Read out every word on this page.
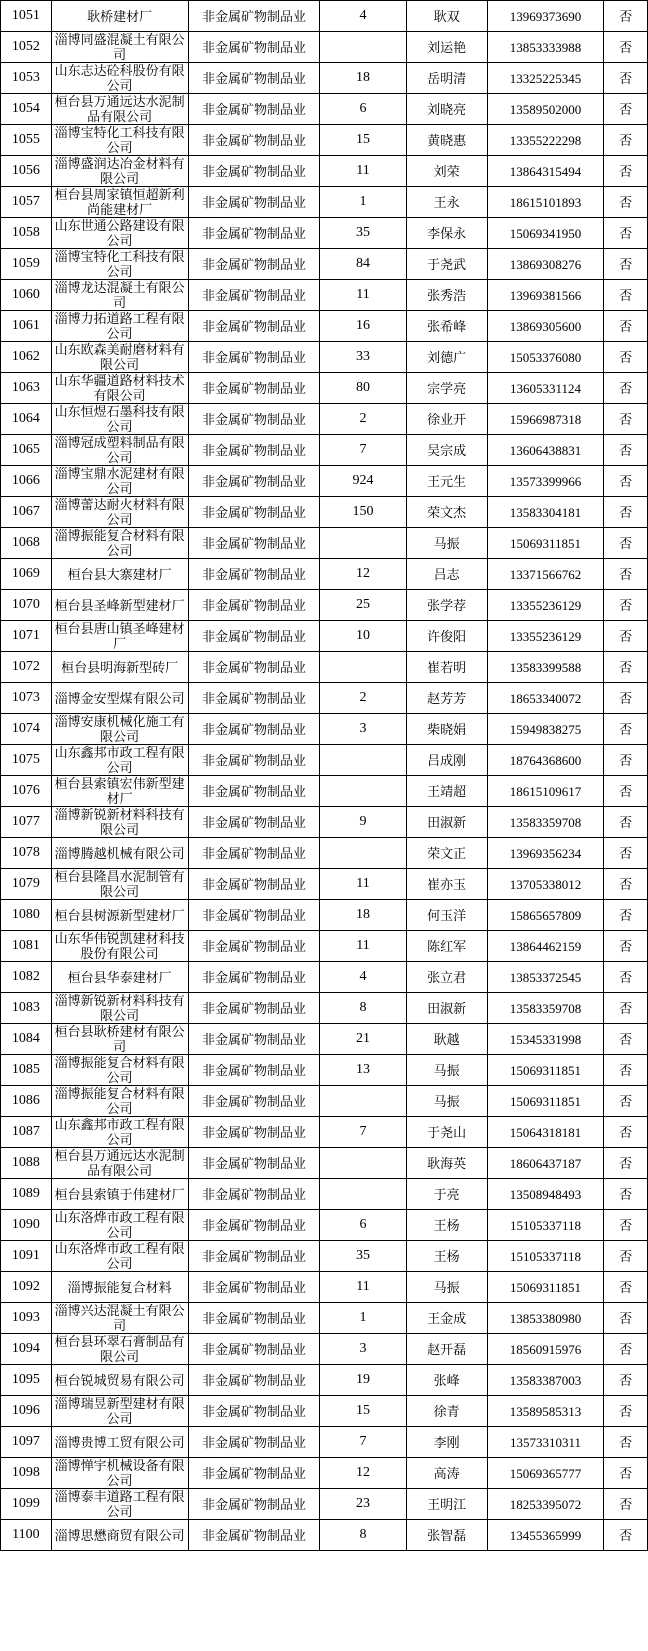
1051	耿桥建材厂	非金属矿物制品业	4	耿双	13969373690	否
1052	淄博同盛混凝土有限公司	非金属矿物制品业		刘运艳	13853333988	否
1053	山东志达砼科股份有限公司	非金属矿物制品业	18	岳明清	13325225345	否
1054	桓台县万通远达水泥制品有限公司	非金属矿物制品业	6	刘晓亮	13589502000	否
1055	淄博宝特化工科技有限公司	非金属矿物制品业	15	黄晓惠	13355222298	否
1056	淄博盛润达冶金材料有限公司	非金属矿物制品业	11	刘荣	13864315494	否
1057	桓台县周家镇恒超新利尚能建材厂	非金属矿物制品业	1	王永	18615101893	否
1058	山东世通公路建设有限公司	非金属矿物制品业	35	李保永	15069341950	否
1059	淄博宝特化工科技有限公司	非金属矿物制品业	84	于尧武	13869308276	否
1060	淄博龙达混凝土有限公司	非金属矿物制品业	11	张秀浩	13969381566	否
1061	淄博力拓道路工程有限公司	非金属矿物制品业	16	张希峰	13869305600	否
1062	山东欧森美耐磨材料有限公司	非金属矿物制品业	33	刘德广	15053376080	否
1063	山东华疆道路材料技术有限公司	非金属矿物制品业	80	宗学亮	13605331124	否
1064	山东恒煜石墨科技有限公司	非金属矿物制品业	2	徐业开	15966987318	否
1065	淄博冠成塑料制品有限公司	非金属矿物制品业	7	吴宗成	13606438831	否
1066	淄博宝鼎水泥建材有限公司	非金属矿物制品业	924	王元生	13573399966	否
1067	淄博蕾达耐火材料有限公司	非金属矿物制品业	150	荣文杰	13583304181	否
1068	淄博振能复合材料有限公司	非金属矿物制品业		马振	15069311851	否
1069	桓台县大寨建材厂	非金属矿物制品业	12	吕志	13371566762	否
1070	桓台县圣峰新型建材厂	非金属矿物制品业	25	张学荐	13355236129	否
1071	桓台县唐山镇圣峰建材厂	非金属矿物制品业	10	许俊阳	13355236129	否
1072	桓台县明海新型砖厂	非金属矿物制品业		崔若明	13583399588	否
1073	淄博金安型煤有限公司	非金属矿物制品业	2	赵芳芳	18653340072	否
1074	淄博安康机械化施工有限公司	非金属矿物制品业	3	柴晓娟	15949838275	否
1075	山东鑫邦市政工程有限公司	非金属矿物制品业		吕成刚	18764368600	否
1076	桓台县索镇宏伟新型建材厂	非金属矿物制品业		王靖超	18615109617	否
1077	淄博新锐新材料科技有限公司	非金属矿物制品业	9	田淑新	13583359708	否
1078	淄博腾越机械有限公司	非金属矿物制品业		荣文正	13969356234	否
1079	桓台县隆昌水泥制管有限公司	非金属矿物制品业	11	崔亦玉	13705338012	否
1080	桓台县树源新型建材厂	非金属矿物制品业	18	何玉洋	15865657809	否
1081	山东华伟锐凯建材科技股份有限公司	非金属矿物制品业	11	陈红军	13864462159	否
1082	桓台县华泰建材厂	非金属矿物制品业	4	张立君	13853372545	否
1083	淄博新锐新材料科技有限公司	非金属矿物制品业	8	田淑新	13583359708	否
1084	桓台县耿桥建材有限公司	非金属矿物制品业	21	耿越	15345331998	否
1085	淄博振能复合材料有限公司	非金属矿物制品业	13	马振	15069311851	否
1086	淄博振能复合材料有限公司	非金属矿物制品业		马振	15069311851	否
1087	山东鑫邦市政工程有限公司	非金属矿物制品业	7	于尧山	15064318181	否
1088	桓台县万通远达水泥制品有限公司	非金属矿物制品业		耿海英	18606437187	否
1089	桓台县索镇于伟建材厂	非金属矿物制品业		于亮	13508948493	否
1090	山东洛烨市政工程有限公司	非金属矿物制品业	6	王杨	15105337118	否
1091	山东洛烨市政工程有限公司	非金属矿物制品业	35	王杨	15105337118	否
1092	淄博振能复合材料	非金属矿物制品业	11	马振	15069311851	否
1093	淄博兴达混凝土有限公司	非金属矿物制品业	1	王金成	13853380980	否
1094	桓台县环翠石膏制品有限公司	非金属矿物制品业	3	赵开磊	18560915976	否
1095	桓台锐城贸易有限公司	非金属矿物制品业	19	张峰	13583387003	否
1096	淄博瑞昱新型建材有限公司	非金属矿物制品业	15	徐青	13589585313	否
1097	淄博贵博工贸有限公司	非金属矿物制品业	7	李刚	13573310311	否
1098	淄博惮宇机械设备有限公司	非金属矿物制品业	12	高涛	15069365777	否
1099	淄博泰丰道路工程有限公司	非金属矿物制品业	23	王明江	18253395072	否
1100	淄博思懋商贸有限公司	非金属矿物制品业	8	张智磊	13455365999	否
